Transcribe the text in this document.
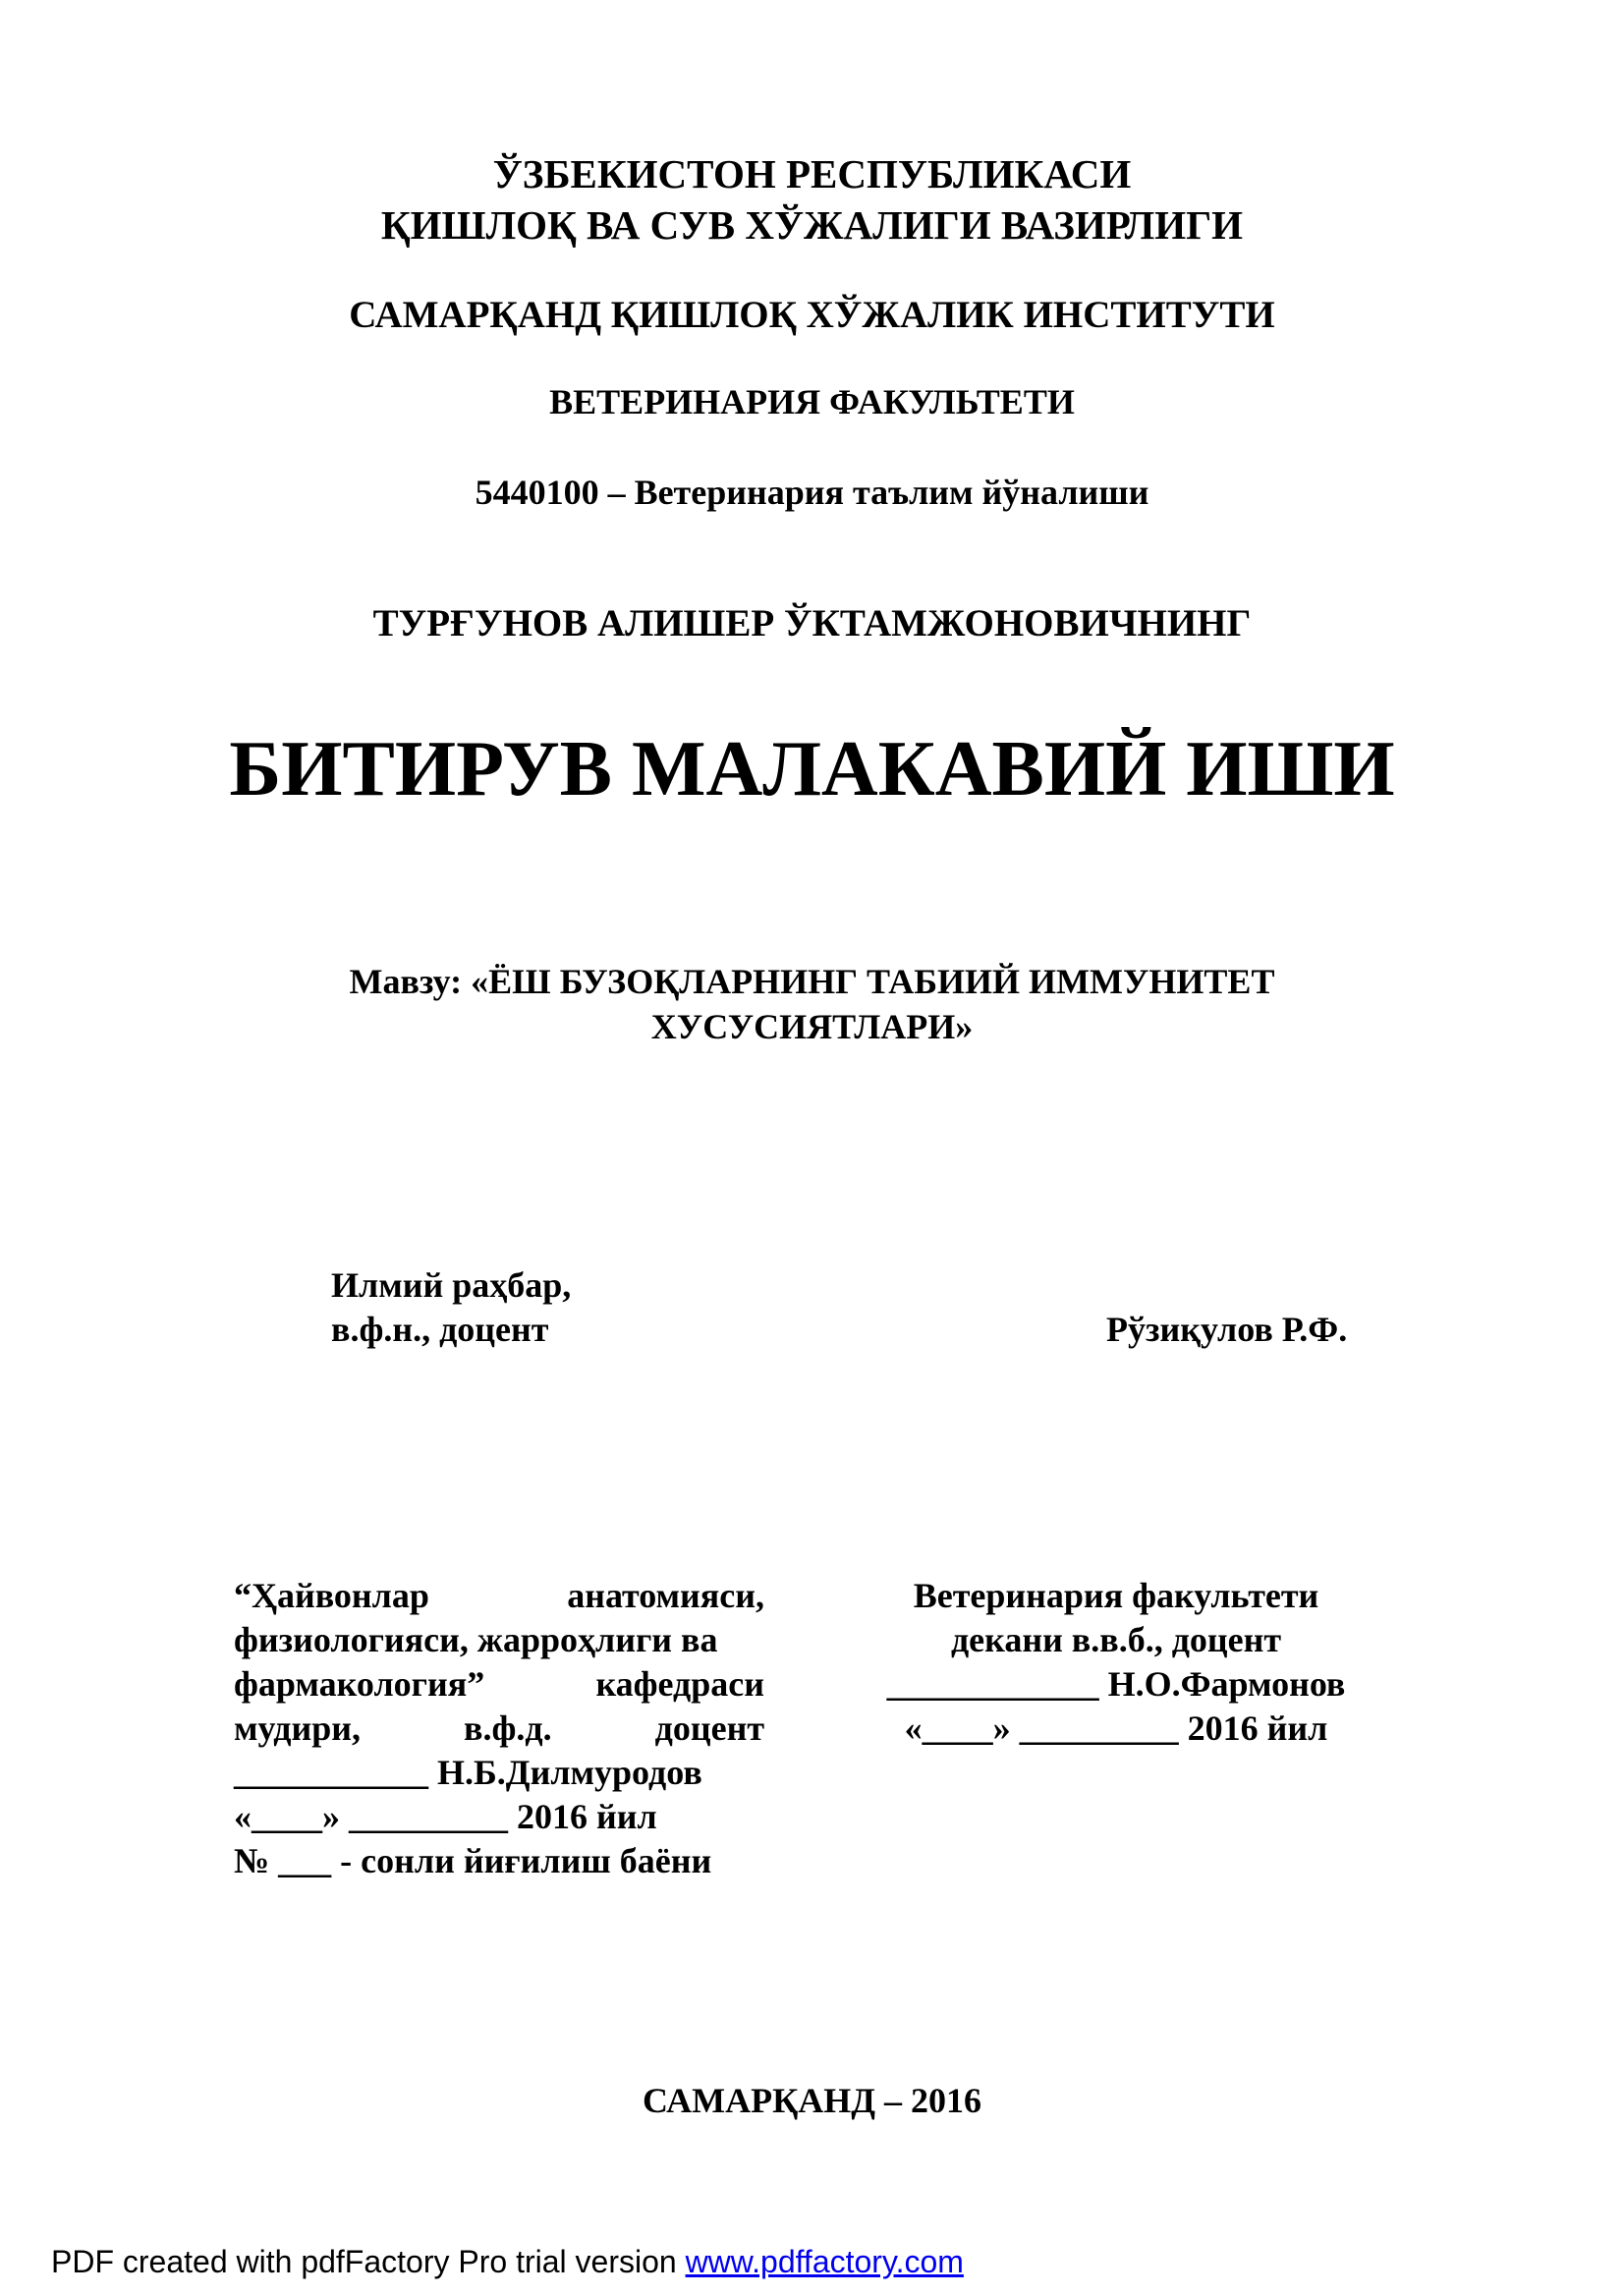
ЎЗБЕКИСТОН РЕСПУБЛИКАСИ
ҚИШЛОҚ ВА СУВ ХЎЖАЛИГИ ВАЗИРЛИГИ
САМАРҚАНД ҚИШЛОҚ ХЎЖАЛИК ИНСТИТУТИ
ВЕТЕРИНАРИЯ ФАКУЛЬТЕТИ
5440100 – Ветеринария таълим йўналиши
ТУРҒУНОВ АЛИШЕР ЎКТАМЖОНОВИЧНИНГ
БИТИРУВ МАЛАКАВИЙ ИШИ
Мавзу: «ЁШ БУЗОҚЛАРНИНГ ТАБИИЙ ИММУНИТЕТ
ХУСУСИЯТЛАРИ»
Илмий раҳбар,
в.ф.н., доцент	Рўзиқулов Р.Ф.
“Ҳайвонлар	анатомияси,
физиологияси, жарроҳлиги ва
фармакология”	кафедраси
мудири,	в.ф.д.	доцент
___________ Н.Б.Дилмуродов
«____» _________ 2016 йил
№ ___ - сонли йиғилиш баёни
Ветеринария факультети
декани в.в.б., доцент
____________ Н.О.Фармонов
«____» _________ 2016 йил
САМАРҚАНД – 2016
PDF created with pdfFactory Pro trial version www.pdffactory.com
